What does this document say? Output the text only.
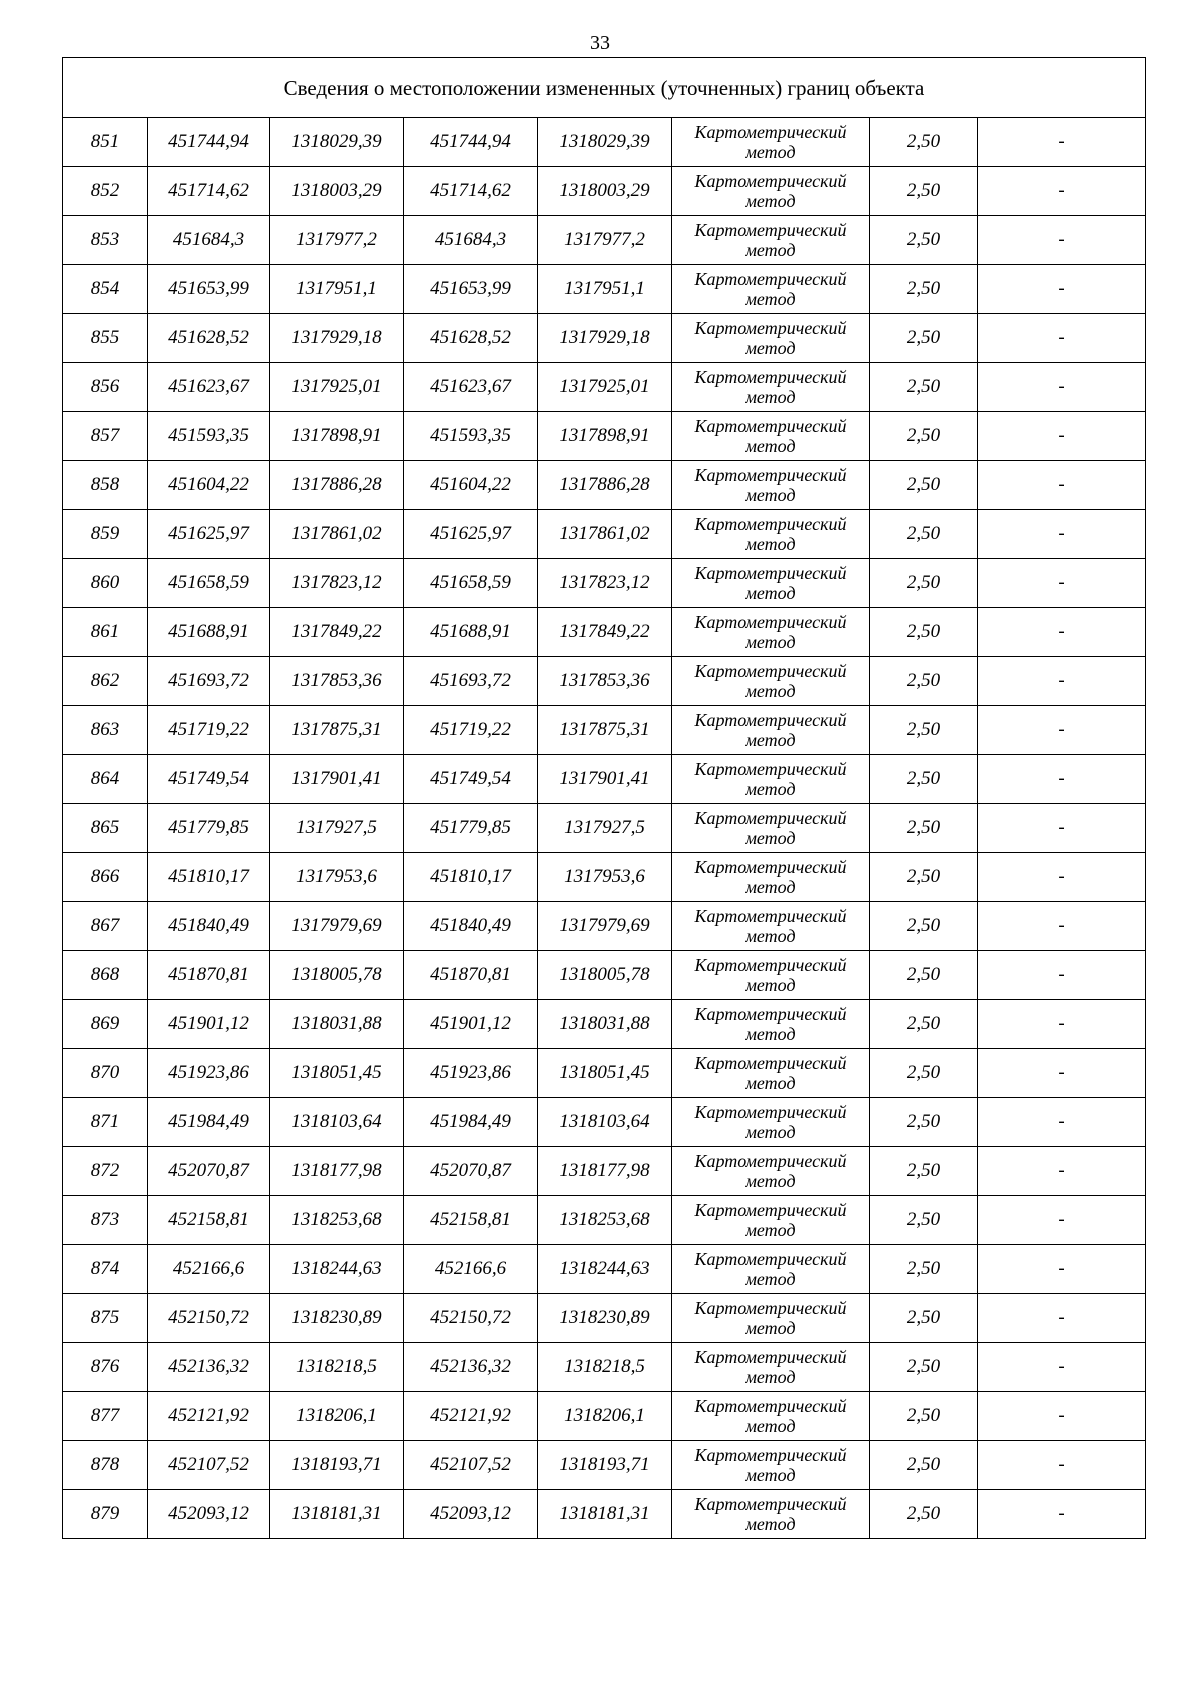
33
Сведения о местоположении измененных (уточненных) границ объекта							
851	451744,94	1318029,39	451744,94	1318029,39	Картометрический метод	2,50	-
852	451714,62	1318003,29	451714,62	1318003,29	Картометрический метод	2,50	-
853	451684,3	1317977,2	451684,3	1317977,2	Картометрический метод	2,50	-
854	451653,99	1317951,1	451653,99	1317951,1	Картометрический метод	2,50	-
855	451628,52	1317929,18	451628,52	1317929,18	Картометрический метод	2,50	-
856	451623,67	1317925,01	451623,67	1317925,01	Картометрический метод	2,50	-
857	451593,35	1317898,91	451593,35	1317898,91	Картометрический метод	2,50	-
858	451604,22	1317886,28	451604,22	1317886,28	Картометрический метод	2,50	-
859	451625,97	1317861,02	451625,97	1317861,02	Картометрический метод	2,50	-
860	451658,59	1317823,12	451658,59	1317823,12	Картометрический метод	2,50	-
861	451688,91	1317849,22	451688,91	1317849,22	Картометрический метод	2,50	-
862	451693,72	1317853,36	451693,72	1317853,36	Картометрический метод	2,50	-
863	451719,22	1317875,31	451719,22	1317875,31	Картометрический метод	2,50	-
864	451749,54	1317901,41	451749,54	1317901,41	Картометрический метод	2,50	-
865	451779,85	1317927,5	451779,85	1317927,5	Картометрический метод	2,50	-
866	451810,17	1317953,6	451810,17	1317953,6	Картометрический метод	2,50	-
867	451840,49	1317979,69	451840,49	1317979,69	Картометрический метод	2,50	-
868	451870,81	1318005,78	451870,81	1318005,78	Картометрический метод	2,50	-
869	451901,12	1318031,88	451901,12	1318031,88	Картометрический метод	2,50	-
870	451923,86	1318051,45	451923,86	1318051,45	Картометрический метод	2,50	-
871	451984,49	1318103,64	451984,49	1318103,64	Картометрический метод	2,50	-
872	452070,87	1318177,98	452070,87	1318177,98	Картометрический метод	2,50	-
873	452158,81	1318253,68	452158,81	1318253,68	Картометрический метод	2,50	-
874	452166,6	1318244,63	452166,6	1318244,63	Картометрический метод	2,50	-
875	452150,72	1318230,89	452150,72	1318230,89	Картометрический метод	2,50	-
876	452136,32	1318218,5	452136,32	1318218,5	Картометрический метод	2,50	-
877	452121,92	1318206,1	452121,92	1318206,1	Картометрический метод	2,50	-
878	452107,52	1318193,71	452107,52	1318193,71	Картометрический метод	2,50	-
879	452093,12	1318181,31	452093,12	1318181,31	Картометрический метод	2,50	-
